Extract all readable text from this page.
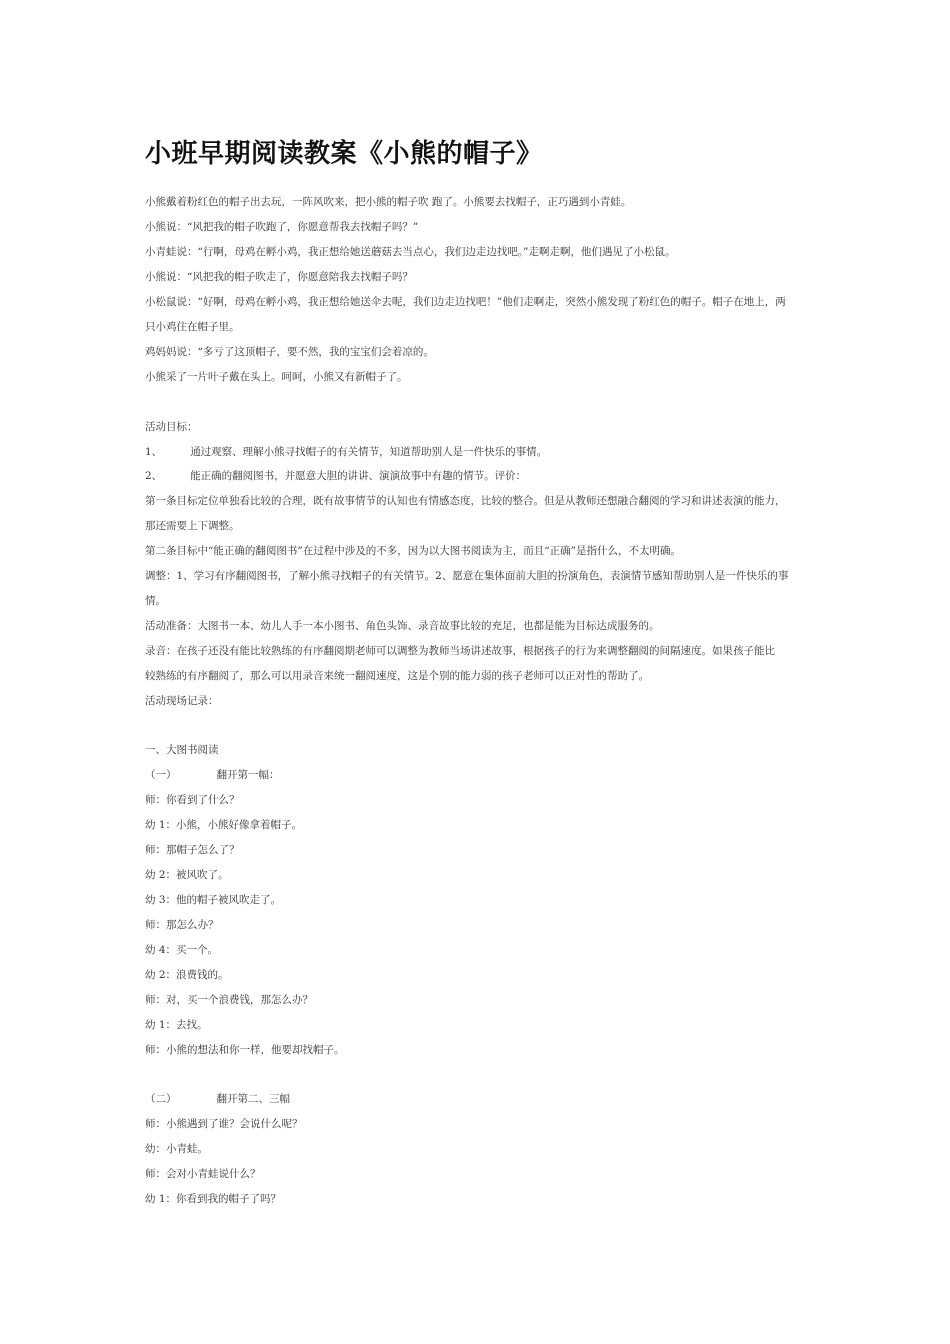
小班早期阅读教案《小熊的帽子》

小熊戴着粉红色的帽子出去玩，一阵风吹来，把小熊的帽子吹 跑了。小熊要去找帽子，正巧遇到小青蛙。

小熊说：“风把我的帽子吹跑了，你愿意帮我去找帽子吗？”

小青蛙说：“行啊，母鸡在孵小鸡，我正想给她送蘑菇去当点心，我们边走边找吧。”走啊走啊，他们遇见了小松鼠。

小熊说：“风把我的帽子吹走了，你愿意陪我去找帽子吗？

小松鼠说：“好啊，母鸡在孵小鸡，我正想给她送伞去呢，我们边走边找吧！”他们走啊走，突然小熊发现了粉红色的帽子。帽子在地上，两

只小鸡住在帽子里。

鸡妈妈说：“多亏了这顶帽子，要不然，我的宝宝们会着凉的。

小熊采了一片叶子戴在头上。呵呵，小熊又有新帽子了。

活动目标：

1、	通过观察、理解小熊寻找帽子的有关情节，知道帮助别人是一件快乐的事情。

2、	能正确的翻阅图书，并愿意大胆的讲讲、演演故事中有趣的情节。评价：

第一条目标定位单独看比较的合理，既有故事情节的认知也有情感态度，比较的整合。但是从教师还想融合翻阅的学习和讲述表演的能力，

那还需要上下调整。

第二条目标中“能正确的翻阅图书”在过程中涉及的不多，因为以大图书阅读为主，而且“正确”是指什么，不太明确。

调整：1、学习有序翻阅图书，了解小熊寻找帽子的有关情节。2、愿意在集体面前大胆的扮演角色，表演情节感知帮助别人是一件快乐的事

情。

活动准备：大图书一本、幼儿人手一本小图书、角色头饰、录音故事比较的充足，也都是能为目标达成服务的。

录音：在孩子还没有能比较熟练的有序翻阅期老师可以调整为教师当场讲述故事，根据孩子的行为来调整翻阅的间隔速度。如果孩子能比

较熟练的有序翻阅了，那么可以用录音来统一翻阅速度，这是个别的能力弱的孩子老师可以正对性的帮助了。

活动现场记录：

一、大图书阅读

（一）	翻开第一幅：

师：你看到了什么？

幼 1：小熊，小熊好像拿着帽子。

师：那帽子怎么了？

幼 2：被风吹了。

幼 3：他的帽子被风吹走了。

师：那怎么办？

幼 4：买一个。

幼 2：浪费钱的。

师：对，买一个浪费钱，那怎么办？

幼 1：去找。

师：小熊的想法和你一样，他要却找帽子。

（二）	翻开第二、三幅

师：小熊遇到了谁？会说什么呢？

幼：小青蛙。

师：会对小青蛙说什么？

幼 1：你看到我的帽子了吗？
